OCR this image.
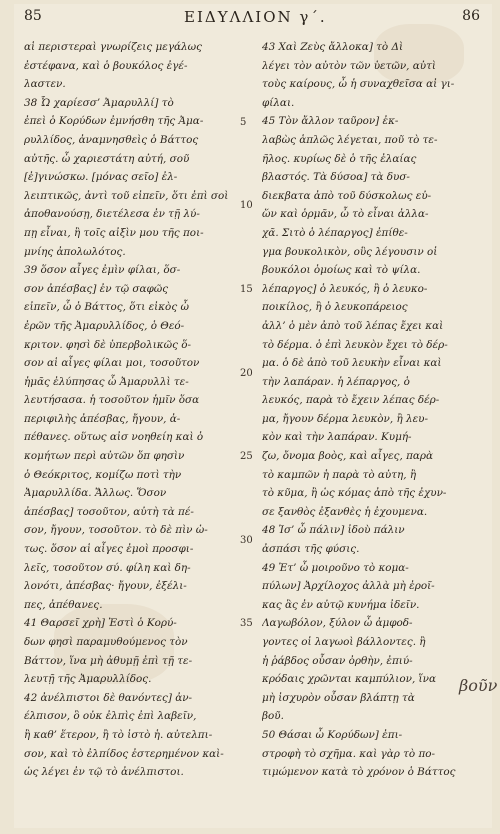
85	ΕΙΔΥΛΛΙΟΝ γ΄.	86
αἱ περιστεραὶ γνωρίζεις μεγάλως
ἐστέφανα, καὶ ὁ βουκόλος ἐγέ-
λαστεν.
38 Ὦ χαρίεσσ’ Ἀμαρυλλί] τὸ
ἐπεὶ ὁ Κορύδων ἐμνήσθη τῆς Ἀμα-
ρυλλίδος, ἀναμνησθεὶς ὁ Βάττος
αὐτῆς. ὦ χαριεστάτη αὐτή, σοῦ
[ἐ]γινώσκω. [μόνας σεῖο] ἐλ-
λειπτικῶς, ἀντὶ τοῦ εἰπεῖν, ὅτι ἐπὶ σοὶ
ἀποθανούσῃ, διετέλεσα ἐν τῇ λύ-
πῃ εἶναι, ἢ τοῖς αἰξὶν μου τῆς ποι-
μνίης ἀπολωλότος.
39 ὅσον αἶγες ἐμὶν φίλαι, ὅσ-
σον ἀπέσβας] ἐν τῷ σαφῶς
εἰπεῖν, ὦ ὁ Βάττος, ὅτι εἰκὸς ὦ
ἐρῶν τῆς Ἀμαρυλλίδος, ὁ Θεό-
κριτον. φησὶ δὲ ὑπερβολικῶς ὅ-
σον αἱ αἶγες φίλαι μοι, τοσοῦτον
ἡμᾶς ἐλύπησας ὦ Ἀμαρυλλὶ τε-
λευτήσασα. ἡ τοσοῦτον ἡμῖν ὅσα
περιφιλὴς ἀπέσβας, ἤγουν, ἀ-
πέθανες. οὕτως αἰσ νοηθείη καὶ ὁ
κομήτων περὶ αὐτῶν ὅπ φησὶν
ὁ Θεόκριτος, κομίζω ποτὶ τὴν
Ἀμαρυλλίδα. Ἄλλως. Ὅσον
ἀπέσβας] τοσοῦτον, αὐτὴ τὰ πέ-
σον, ἤγουν, τοσοῦτον. τὸ δὲ πὶν ὡ-
τως. ὅσον αἱ αἶγες ἐμοὶ προσφι-
λεῖς, τοσοῦτον σύ. φίλη καὶ δη-
λονότι, ἀπέσβας· ἤγουν, ἐξέλι-
πες, ἀπέθανες.
41 Θαρσεῖ χρὴ] Ἐστὶ ὁ Κορύ-
δων φησὶ παραμυθούμενος τὸν
Βάττον, ἵνα μὴ ἀθυμῇ ἐπὶ τῇ τε-
λευτῇ τῆς Ἀμαρυλλίδος.
42 ἀνέλπιστοι δὲ θανόντες] ἀν-
έλπισον, ὃ οὐκ ἐλπὶς ἐπὶ λαβεῖν,
ἢ καθ’ ἕτερον, ἢ τὸ ἰστὸ ἡ. αὐτελπι-
σον, καὶ τὸ ἐλπίδος ἐστερημένον καὶ-
ὡς λέγει ἐν τῷ τὸ ἀνέλπιστοι.
43 Χαὶ Ζεὺς ἄλλοκα] τὸ Δὶ
λέγει τὸν αὐτὸν τῶν ὑετῶν, αὐτὶ
τοὺς καίρους, ὦ ἡ συναχθεῖσα αἰ γι-
φίλαι.
45 Τὸν ἄλλον ταῦρον] ἐκ-
λαβὼς ἁπλῶς λέγεται, ποῦ τὸ τε-
ῆλος. κυρίως δὲ ὁ τῆς ἐλαίας
βλαστός. Τὰ δύσοα] τὰ δυσ-
διεκβατα ἀπὸ τοῦ δύσκολως εὐ-
ὥν καὶ ὁρμᾶν, ὦ τὸ εἶναι ἀλλα-
χᾶ. Σιτὸ ὁ λέπαργος] ἐπίθε-
γμα βουκολικὸν, οὓς λέγουσιν οἱ
βουκόλοι ὁμοίως καὶ τὸ ψίλα.
λέπαργος] ὁ λευκός, ἢ ὁ λευκο-
ποικίλος, ἢ ὁ λευκοπάρειος
ἀλλ’ ὁ μὲν ἀπὸ τοῦ λέπας ἔχει καὶ
τὸ δέρμα. ὁ ἐπὶ λευκὸν ἔχει τὸ δέρ-
μα. ὁ δὲ ἀπὸ τοῦ λευκὴν εἶναι καὶ
τὴν λαπάραν. ἡ λέπαργος, ὁ
λευκός, παρὰ τὸ ἔχειν λέπας δέρ-
μα, ἤγουν δέρμα λευκὸν, ἢ λευ-
κὸν καὶ τὴν λαπάραν. Κυμή-
ζω, ὄνομα βοὸς, καὶ αἶγες, παρὰ
τὸ καμπῶν ἡ παρὰ τὸ αὐτη, ἢ
τὸ κῦμα, ἢ ὡς κόμας ἀπὸ τῆς ἐχυν-
σε ξανθὸς ἐξανθὲς ἡ ἐχουμενα.
48 Ἰσ’ ὦ πάλιν] ἰδοὺ πάλιν
ἀσπάσι τῆς φύσις.
49 Ἐτ’ ὦ μοιροῦνο τὸ κομα-
πύλων] Ἀρχίλοχος ἀλλὰ μὴ ἐροῖ-
κας ἃς ἐν αὐτῷ κυνήμα ἰδεῖν.
Λαγωβόλον, ξύλον ὦ ἀμφοδ-
γοντες οἱ λαγωοὶ βάλλοντες. ἢ
ἡ ῥάβδος οὖσαν ὀρθὴν, ἐπιύ-
κρόδαις χρῶνται καμπύλιον, ἵνα
μὴ ἰσχυρὸν οὖσαν βλάπτῃ τὰ
βοῦ.
50 Θάσαι ὦ Κορύδων] ἐπι-
στροφὴ τὸ σχῆμα. καὶ γὰρ τὸ πο-
τιμώμενον κατὰ τὸ χρόνον ὁ Βάττος
5
10
15
20
25
30
35
βοῦν
